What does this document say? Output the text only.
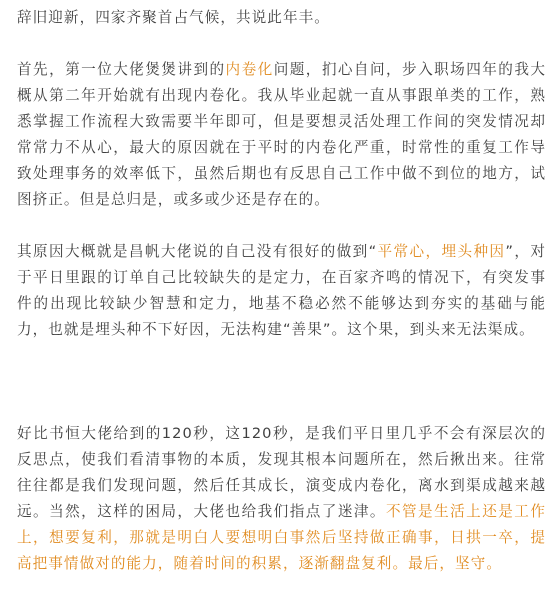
辞旧迎新，四家齐聚首占气候，共说此年丰。

首先，第一位大佬煲煲讲到的内卷化问题，扪心自问，步入职场四年的我大概从第二年开始就有出现内卷化。我从毕业起就一直从事跟单类的工作，熟悉掌握工作流程大致需要半年即可，但是要想灵活处理工作间的突发情况却常常力不从心，最大的原因就在于平时的内卷化严重，时常性的重复工作导致处理事务的效率低下，虽然后期也有反思自己工作中做不到位的地方，试图挤正。但是总归是，或多或少还是存在的。

其原因大概就是昌帆大佬说的自己没有很好的做到“平常心，埋头种因”，对于平日里跟的订单自己比较缺失的是定力，在百家齐鸣的情况下，有突发事件的出现比较缺少智慧和定力，地基不稳必然不能够达到夯实的基础与能力，也就是埋头种不下好因，无法构建“善果”。这个果，到头来无法渠成。

好比书恒大佬给到的120秒，这120秒，是我们平日里几乎不会有深层次的反思点，使我们看清事物的本质，发现其根本问题所在，然后揪出来。往常往往都是我们发现问题，然后任其成长，演变成内卷化，离水到渠成越来越远。当然，这样的困局，大佬也给我们指点了迷津。不管是生活上还是工作上，想要复利，那就是明白人要想明白事然后坚持做正确事，日拱一卒，提高把事情做对的能力，随着时间的积累，逐渐翻盘复利。最后，坚守。
